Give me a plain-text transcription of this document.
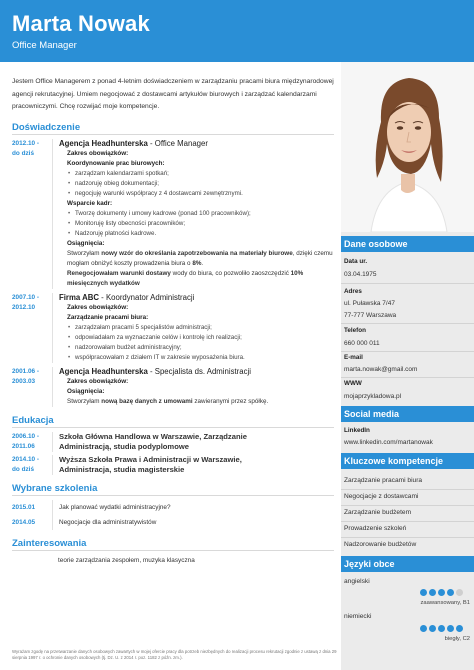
Marta Nowak
Office Manager
Jestem Office Managerem z ponad 4-letnim doświadczeniem w zarządzaniu pracami biura międzynarodowej agencji rekrutacyjnej. Umiem negocjować z dostawcami artykułów biurowych i zarządzać kalendarzami pracowniczymi. Chcę rozwijać moje kompetencje.
Doświadczenie
2012.10 -
do dziś
Agencja Headhunterska - Office Manager
Zakres obowiązków:
Koordynowanie prac biurowych:
• zarządzam kalendarzami spotkań;
• nadzoruję obieg dokumentacji;
• negocjuję warunki współpracy z 4 dostawcami zewnętrznymi.
Wsparcie kadr:
• Tworzę dokumenty i umowy kadrowe (ponad 100 pracowników);
• Monitoruję listy obecności pracowników;
• Nadzoruję płatności kadrowe.
Osiągnięcia:
Stworzyłam nowy wzór do określania zapotrzebowania na materiały biurowe, dzięki czemu mogłam obniżyć koszty prowadzenia biura o 8%.
Renegocjowałam warunki dostawy wody do biura, co pozwoliło zaoszczędzić 10% miesięcznych wydatków
2007.10 -
2012.10
Firma ABC - Koordynator Administracji
Zakres obowiązków:
Zarządzanie pracami biura:
• zarządzałam pracami 5 specjalistów administracji;
• odpowiadałam za wyznaczanie celów i kontrolę ich realizacji;
• nadzorowałam budżet administracyjny;
• współpracowałam z działem IT w zakresie wyposażenia biura.
2001.06 -
2003.03
Agencja Headhunterska - Specjalista ds. Administracji
Zakres obowiązków:
Osiągnięcia:
Stworzyłam nową bazę danych z umowami zawieranymi przez spółkę.
Edukacja
2006.10 -
2011.06
Szkoła Główna Handlowa w Warszawie, Zarządzanie
Administracją, studia podyplomowe
2014.10 -
do dziś
Wyższa Szkoła Prawa i Administracji w Warszawie,
Administracja, studia magisterskie
Wybrane szkolenia
2015.01	Jak planować wydatki administracyjne?
2014.05	Negocjacje dla administratywistów
Zainteresowania
teorie zarządzania zespołem, muzyka klasyczna
Dane osobowe
Data ur.
03.04.1975
Adres
ul. Puławska 7/47
77-777 Warszawa
Telefon
660 000 011
E-mail
marta.nowak@gmail.com
WWW
mojaprzykladowa.pl
Social media
LinkedIn
www.linkedin.com/martanowak
Kluczowe kompetencje
Zarządzanie pracami biura
Negocjacje z dostawcami
Zarządzanie budżetem
Prowadzenie szkoleń
Nadzorowanie budżetów
Języki obce
angielski
zaawansowany, B1
niemiecki
biegły, C2
Wyrażam zgodę na przetwarzanie danych osobowych zawartych w mojej ofercie pracy dla potrzeb niezbędnych do realizacji procesu rekrutacji zgodnie z ustawą z dnia 29 sierpnia 1997 r. o ochronie danych osobowych (tj. Dz. U. z 2014 r. poz. 1182 z późn. zm.).
